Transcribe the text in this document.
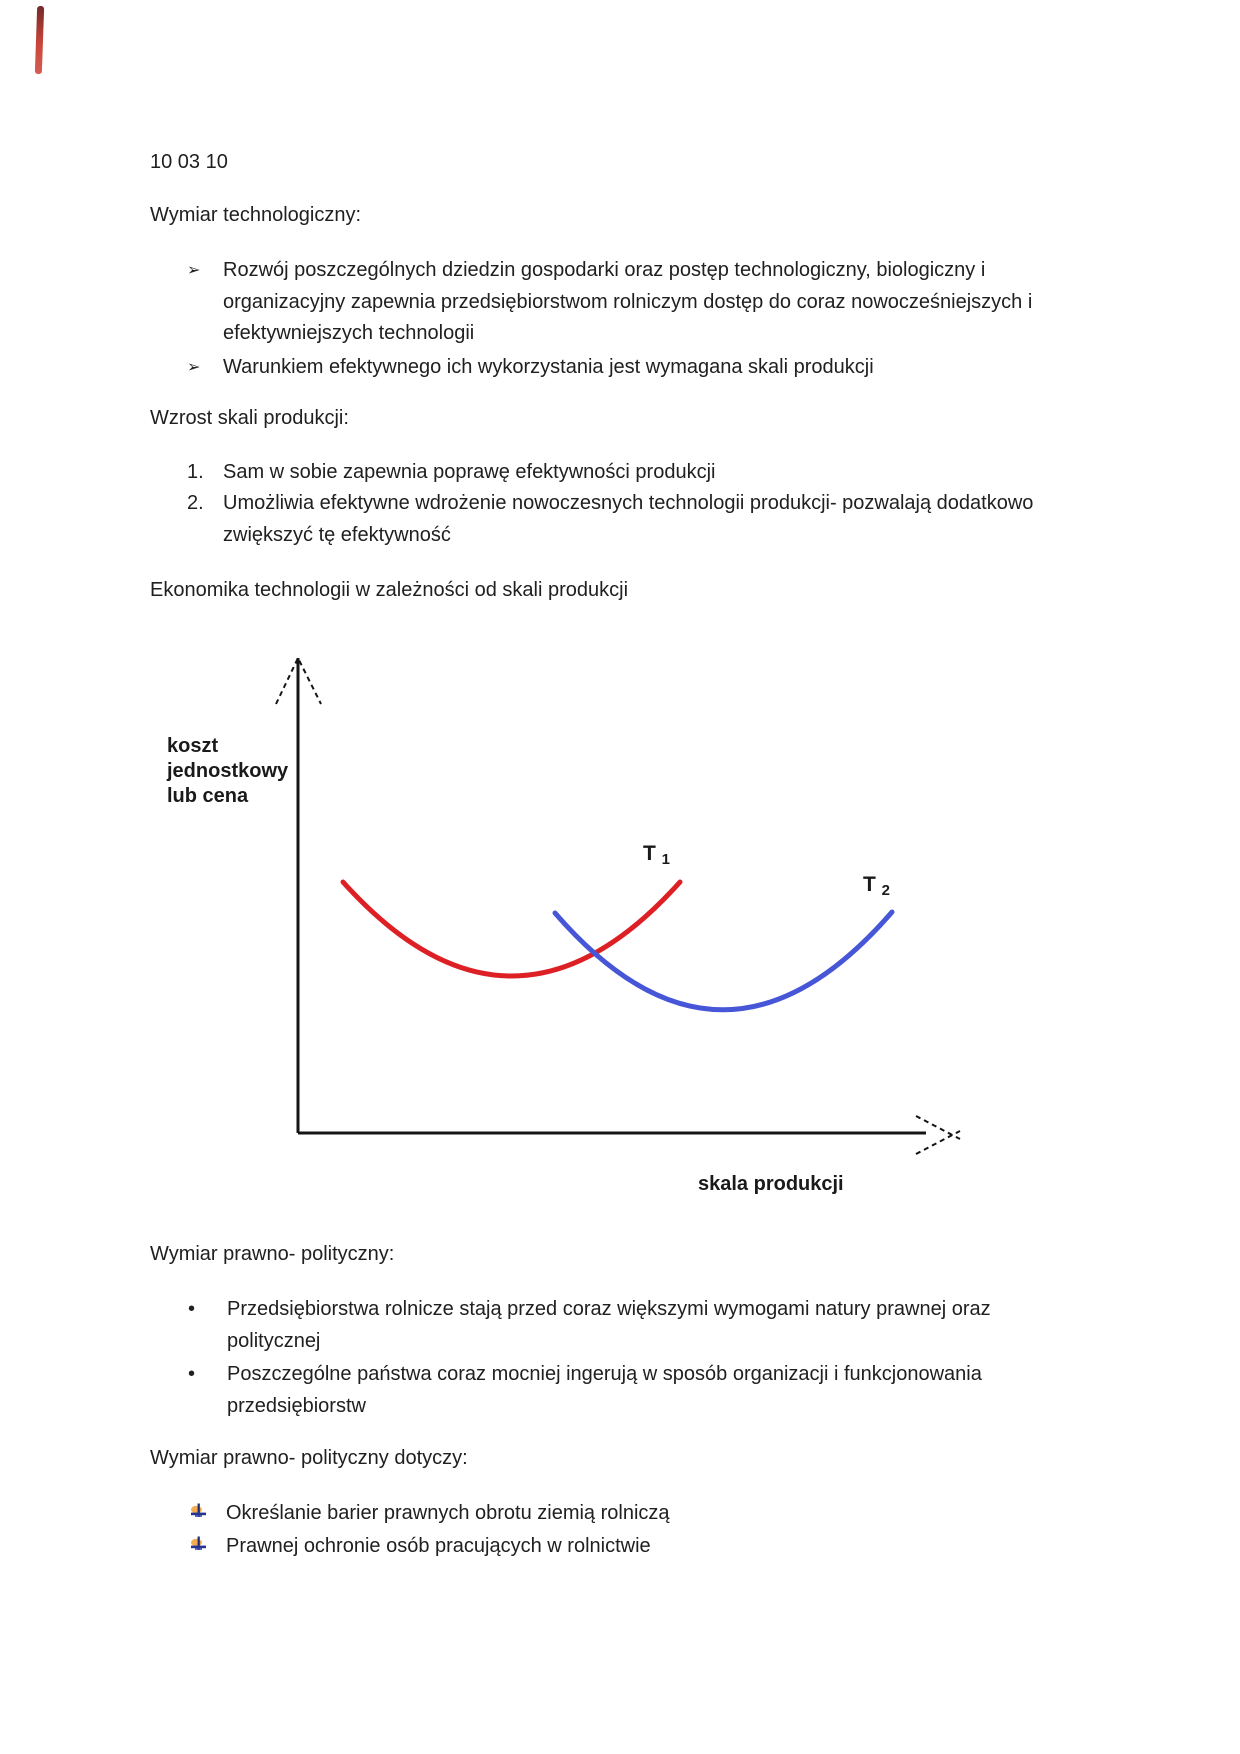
10 03 10
Wymiar technologiczny:
➢ Rozwój poszczególnych dziedzin gospodarki oraz postęp technologiczny, biologiczny i organizacyjny zapewnia przedsiębiorstwom rolniczym dostęp do coraz nowocześniejszych i efektywniejszych technologii
➢ Warunkiem efektywnego ich wykorzystania jest wymagana skali produkcji
Wzrost skali produkcji:
1. Sam w sobie zapewnia poprawę efektywności produkcji
2. Umożliwia efektywne wdrożenie nowoczesnych technologii produkcji- pozwalają dodatkowo zwiększyć tę efektywność
Ekonomika technologii w zależności od skali produkcji
koszt jednostkowy lub cena
T 1
T 2
skala produkcji
Wymiar prawno- polityczny:
• Przedsiębiorstwa rolnicze stają przed coraz większymi wymogami natury prawnej oraz politycznej
• Poszczególne państwa coraz mocniej ingerują w sposób organizacji i funkcjonowania przedsiębiorstw
Wymiar prawno- polityczny dotyczy:
Określanie barier prawnych obrotu ziemią rolniczą
Prawnej ochronie osób pracujących w rolnictwie
